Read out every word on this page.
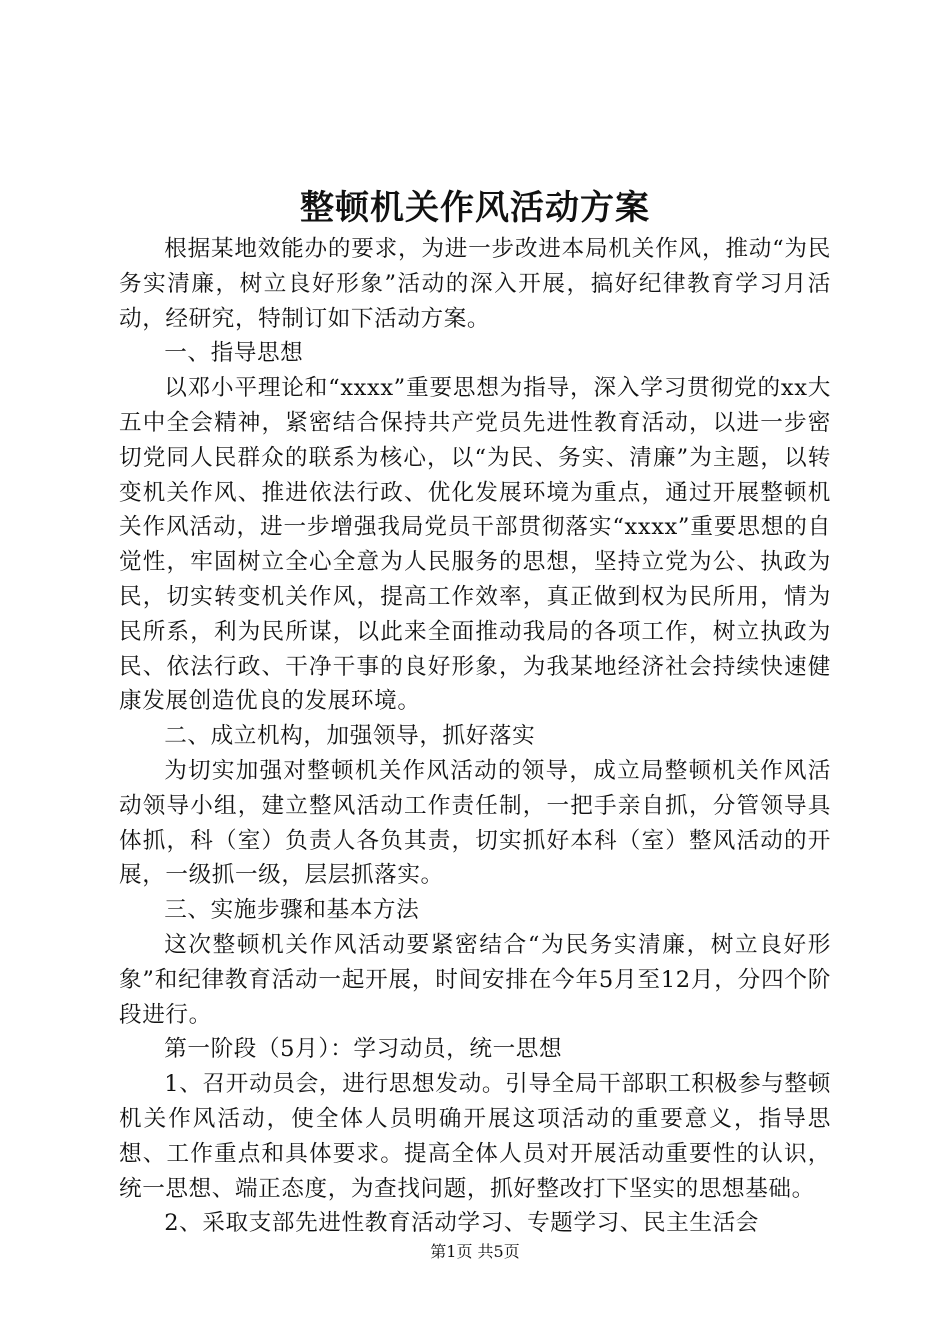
整顿机关作风活动方案

根据某地效能办的要求，为进一步改进本局机关作风，推动“为民务实清廉，树立良好形象”活动的深入开展，搞好纪律教育学习月活动，经研究，特制订如下活动方案。

一、指导思想

以邓小平理论和“xxxx”重要思想为指导，深入学习贯彻党的xx大五中全会精神，紧密结合保持共产党员先进性教育活动，以进一步密切党同人民群众的联系为核心，以“为民、务实、清廉”为主题，以转变机关作风、推进依法行政、优化发展环境为重点，通过开展整顿机关作风活动，进一步增强我局党员干部贯彻落实“xxxx”重要思想的自觉性，牢固树立全心全意为人民服务的思想，坚持立党为公、执政为民，切实转变机关作风，提高工作效率，真正做到权为民所用，情为民所系，利为民所谋，以此来全面推动我局的各项工作，树立执政为民、依法行政、干净干事的良好形象，为我某地经济社会持续快速健康发展创造优良的发展环境。

二、成立机构，加强领导，抓好落实

为切实加强对整顿机关作风活动的领导，成立局整顿机关作风活动领导小组，建立整风活动工作责任制，一把手亲自抓，分管领导具体抓，科（室）负责人各负其责，切实抓好本科（室）整风活动的开展，一级抓一级，层层抓落实。

三、实施步骤和基本方法

这次整顿机关作风活动要紧密结合“为民务实清廉，树立良好形象”和纪律教育活动一起开展，时间安排在今年5月至12月，分四个阶段进行。

第一阶段（5月）：学习动员，统一思想

1、召开动员会，进行思想发动。引导全局干部职工积极参与整顿机关作风活动，使全体人员明确开展这项活动的重要意义，指导思想、工作重点和具体要求。提高全体人员对开展活动重要性的认识，统一思想、端正态度，为查找问题，抓好整改打下坚实的思想基础。

2、采取支部先进性教育活动学习、专题学习、民主生活会

第1页 共5页
